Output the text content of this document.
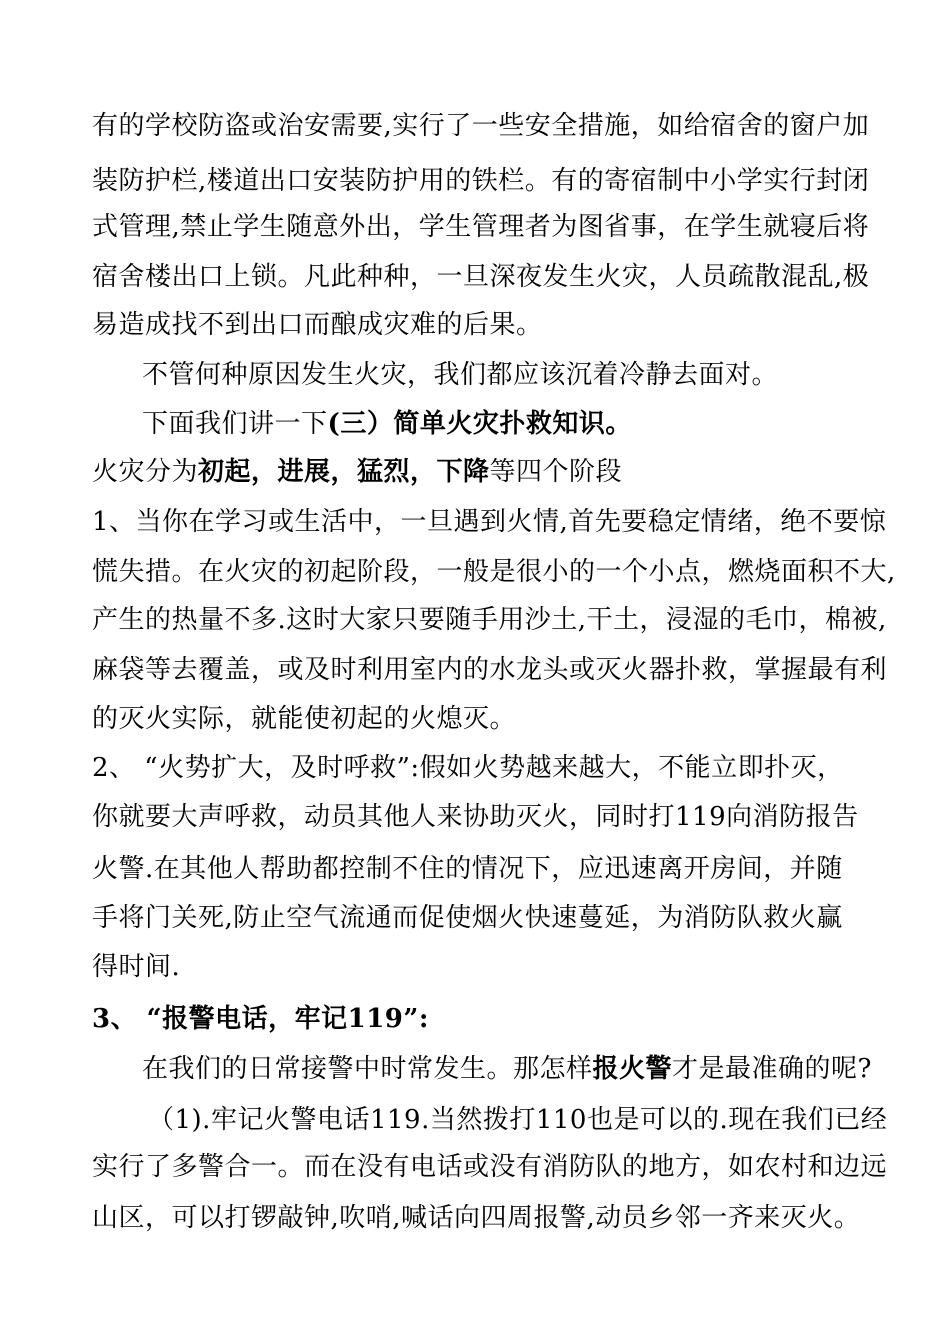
有的学校防盗或治安需要,实行了一些安全措施，如给宿舍的窗户加
装防护栏,楼道出口安装防护用的铁栏。有的寄宿制中小学实行封闭
式管理,禁止学生随意外出，学生管理者为图省事，在学生就寝后将
宿舍楼出口上锁。凡此种种，一旦深夜发生火灾，人员疏散混乱,极
易造成找不到出口而酿成灾难的后果。
不管何种原因发生火灾，我们都应该沉着冷静去面对。
下面我们讲一下(三）简单火灾扑救知识。
火灾分为初起，进展，猛烈，下降等四个阶段
1、当你在学习或生活中，一旦遇到火情,首先要稳定情绪，绝不要惊
慌失措。在火灾的初起阶段，一般是很小的一个小点，燃烧面积不大,
产生的热量不多.这时大家只要随手用沙土,干土，浸湿的毛巾，棉被,
麻袋等去覆盖，或及时利用室内的水龙头或灭火器扑救，掌握最有利
的灭火实际，就能使初起的火熄灭。
2、 “火势扩大，及时呼救”:假如火势越来越大，不能立即扑灭，
你就要大声呼救，动员其他人来协助灭火，同时打119向消防报告
火警.在其他人帮助都控制不住的情况下，应迅速离开房间，并随
手将门关死,防止空气流通而促使烟火快速蔓延，为消防队救火赢
得时间.
3、 “报警电话，牢记119”:
在我们的日常接警中时常发生。那怎样报火警才是最准确的呢?
（1).牢记火警电话119.当然拨打110也是可以的.现在我们已经
实行了多警合一。而在没有电话或没有消防队的地方，如农村和边远
山区，可以打锣敲钟,吹哨,喊话向四周报警,动员乡邻一齐来灭火。
